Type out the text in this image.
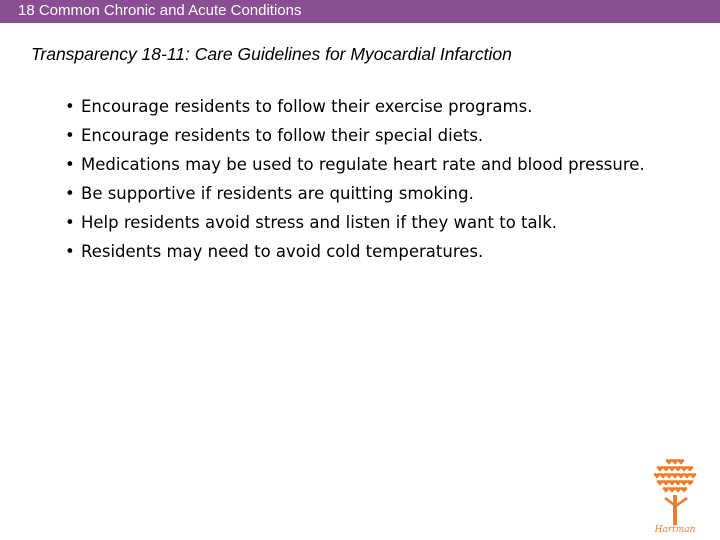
18 Common Chronic and Acute Conditions
Transparency 18-11: Care Guidelines for Myocardial Infarction
• Encourage residents to follow their exercise programs.
• Encourage residents to follow their special diets.
• Medications may be used to regulate heart rate and blood pressure.
• Be supportive if residents are quitting smoking.
• Help residents avoid stress and listen if they want to talk.
• Residents may need to avoid cold temperatures.
Hartman
